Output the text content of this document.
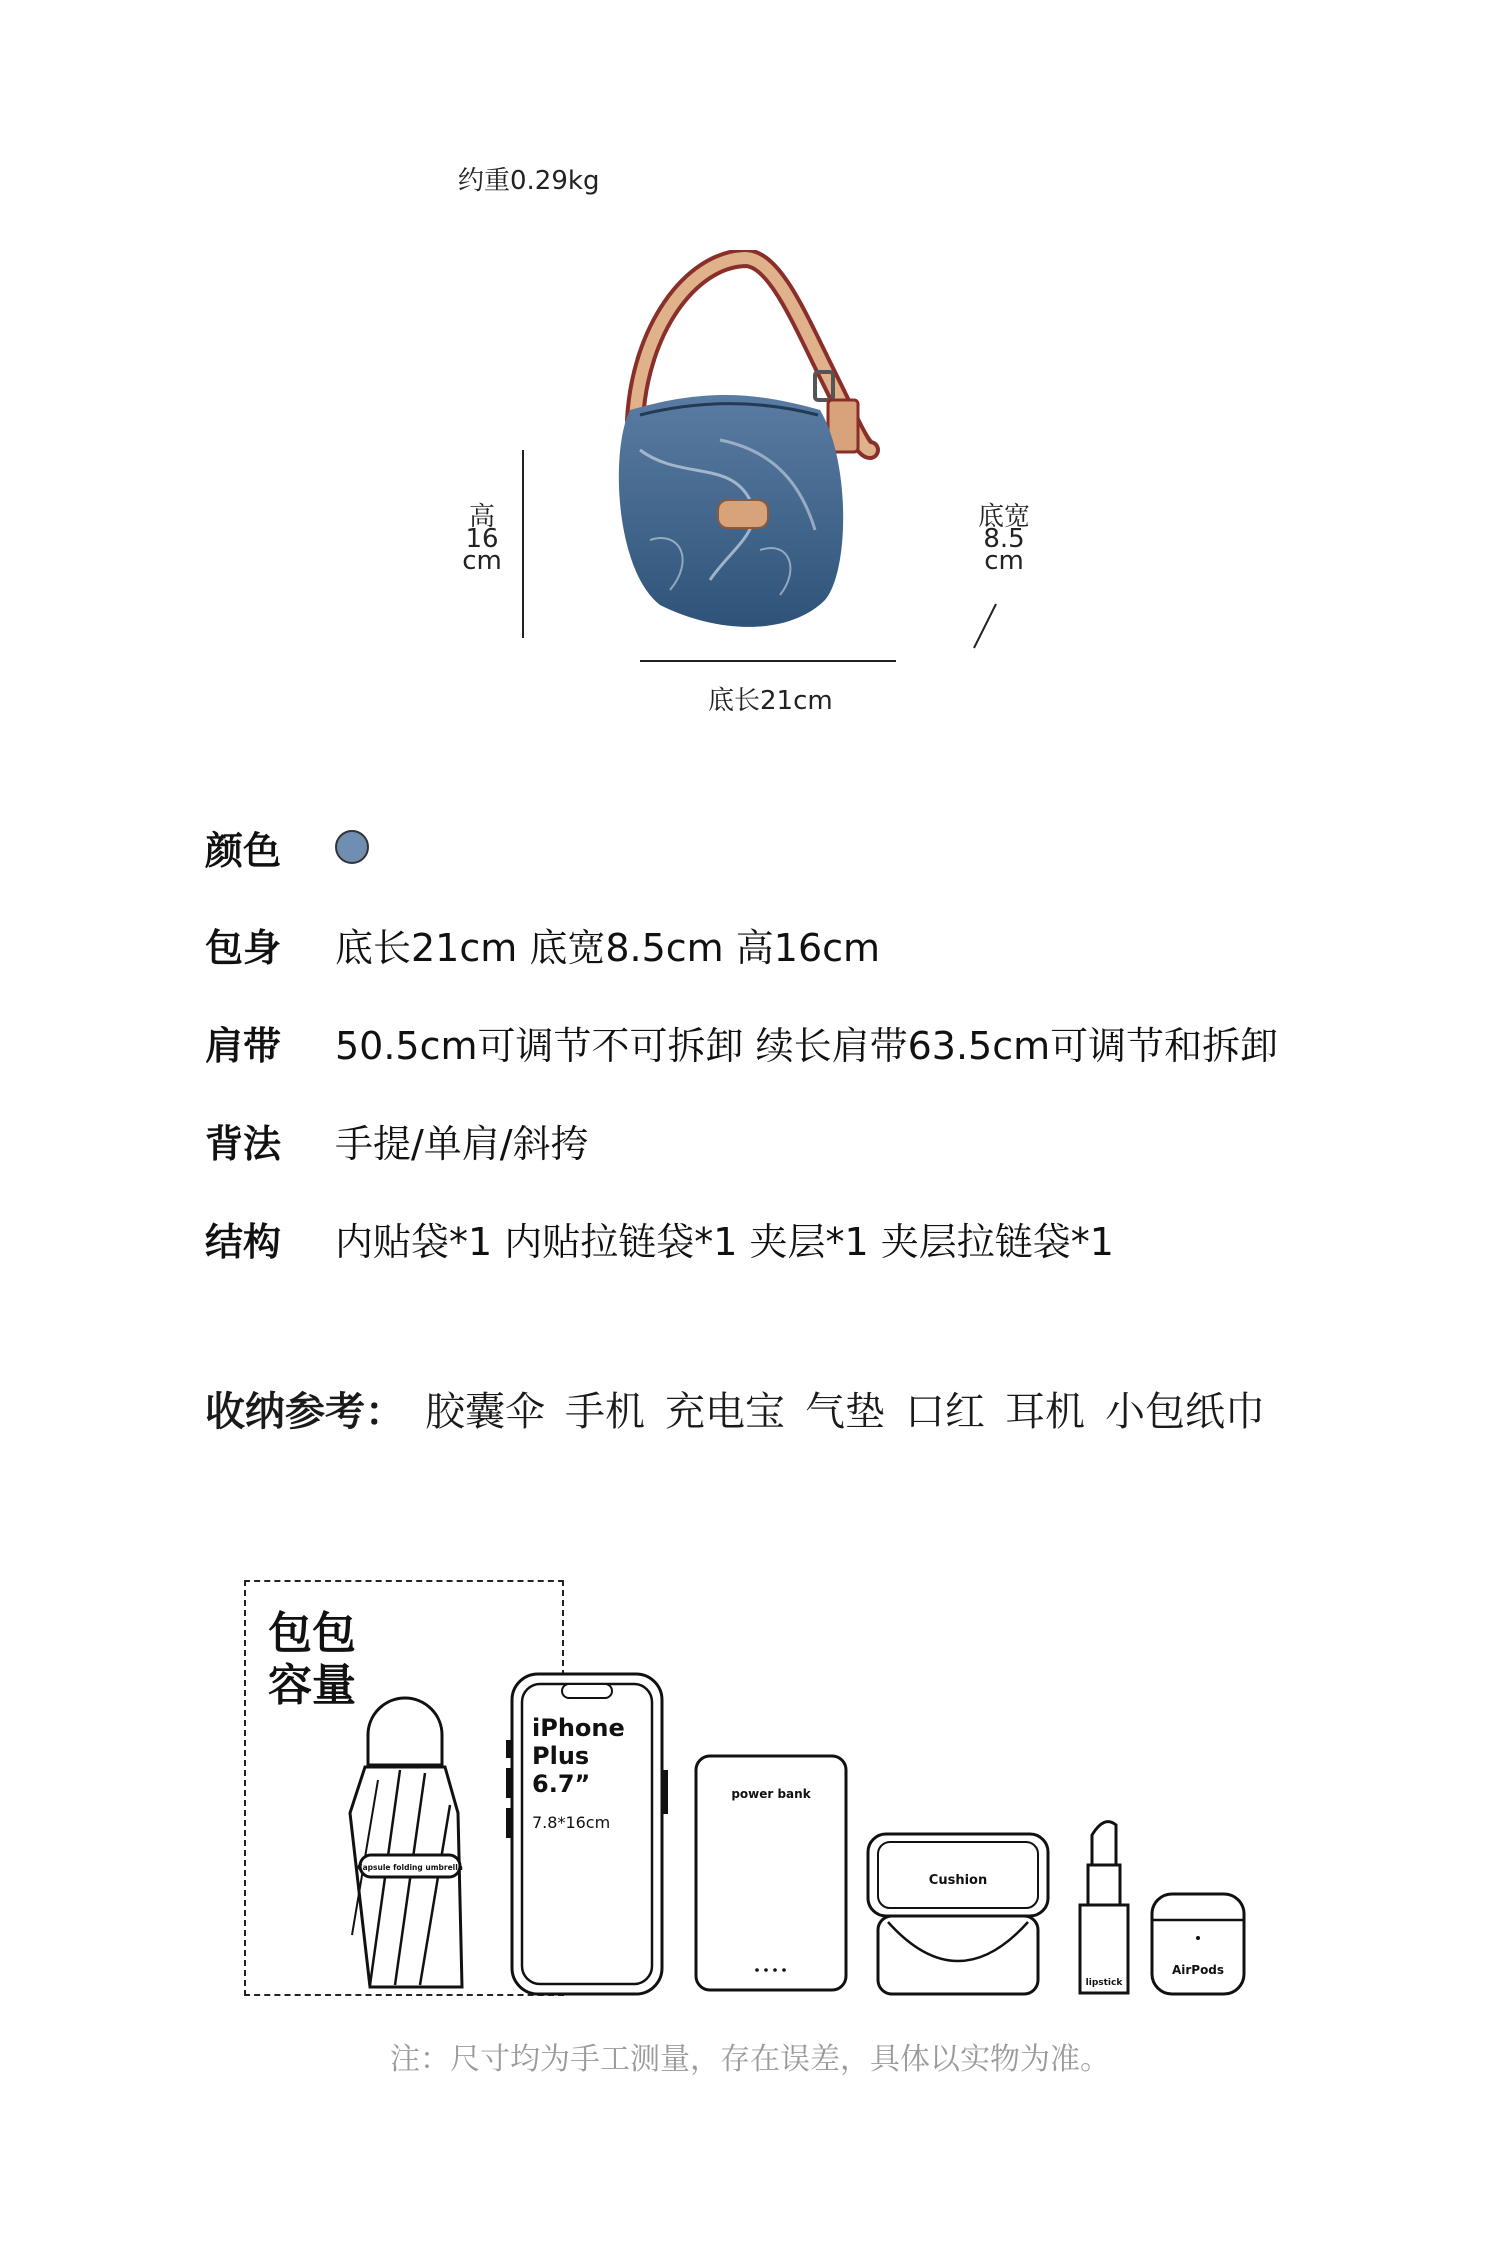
约重0.29kg
高
16
cm
底宽
8.5
cm
底长21cm
颜色
包身	底长21cm 底宽8.5cm 高16cm
肩带	50.5cm可调节不可拆卸 续长肩带63.5cm可调节和拆卸
背法	手提/单肩/斜挎
结构	内贴袋*1 内贴拉链袋*1 夹层*1 夹层拉链袋*1
收纳参考： 胶囊伞 手机 充电宝 气垫 口红 耳机 小包纸巾
包包
容量
Capsule folding umbrella
iPhone
Plus
6.7”
7.8*16cm
power bank
Cushion
lipstick
AirPods
注：尺寸均为手工测量，存在误差，具体以实物为准。
